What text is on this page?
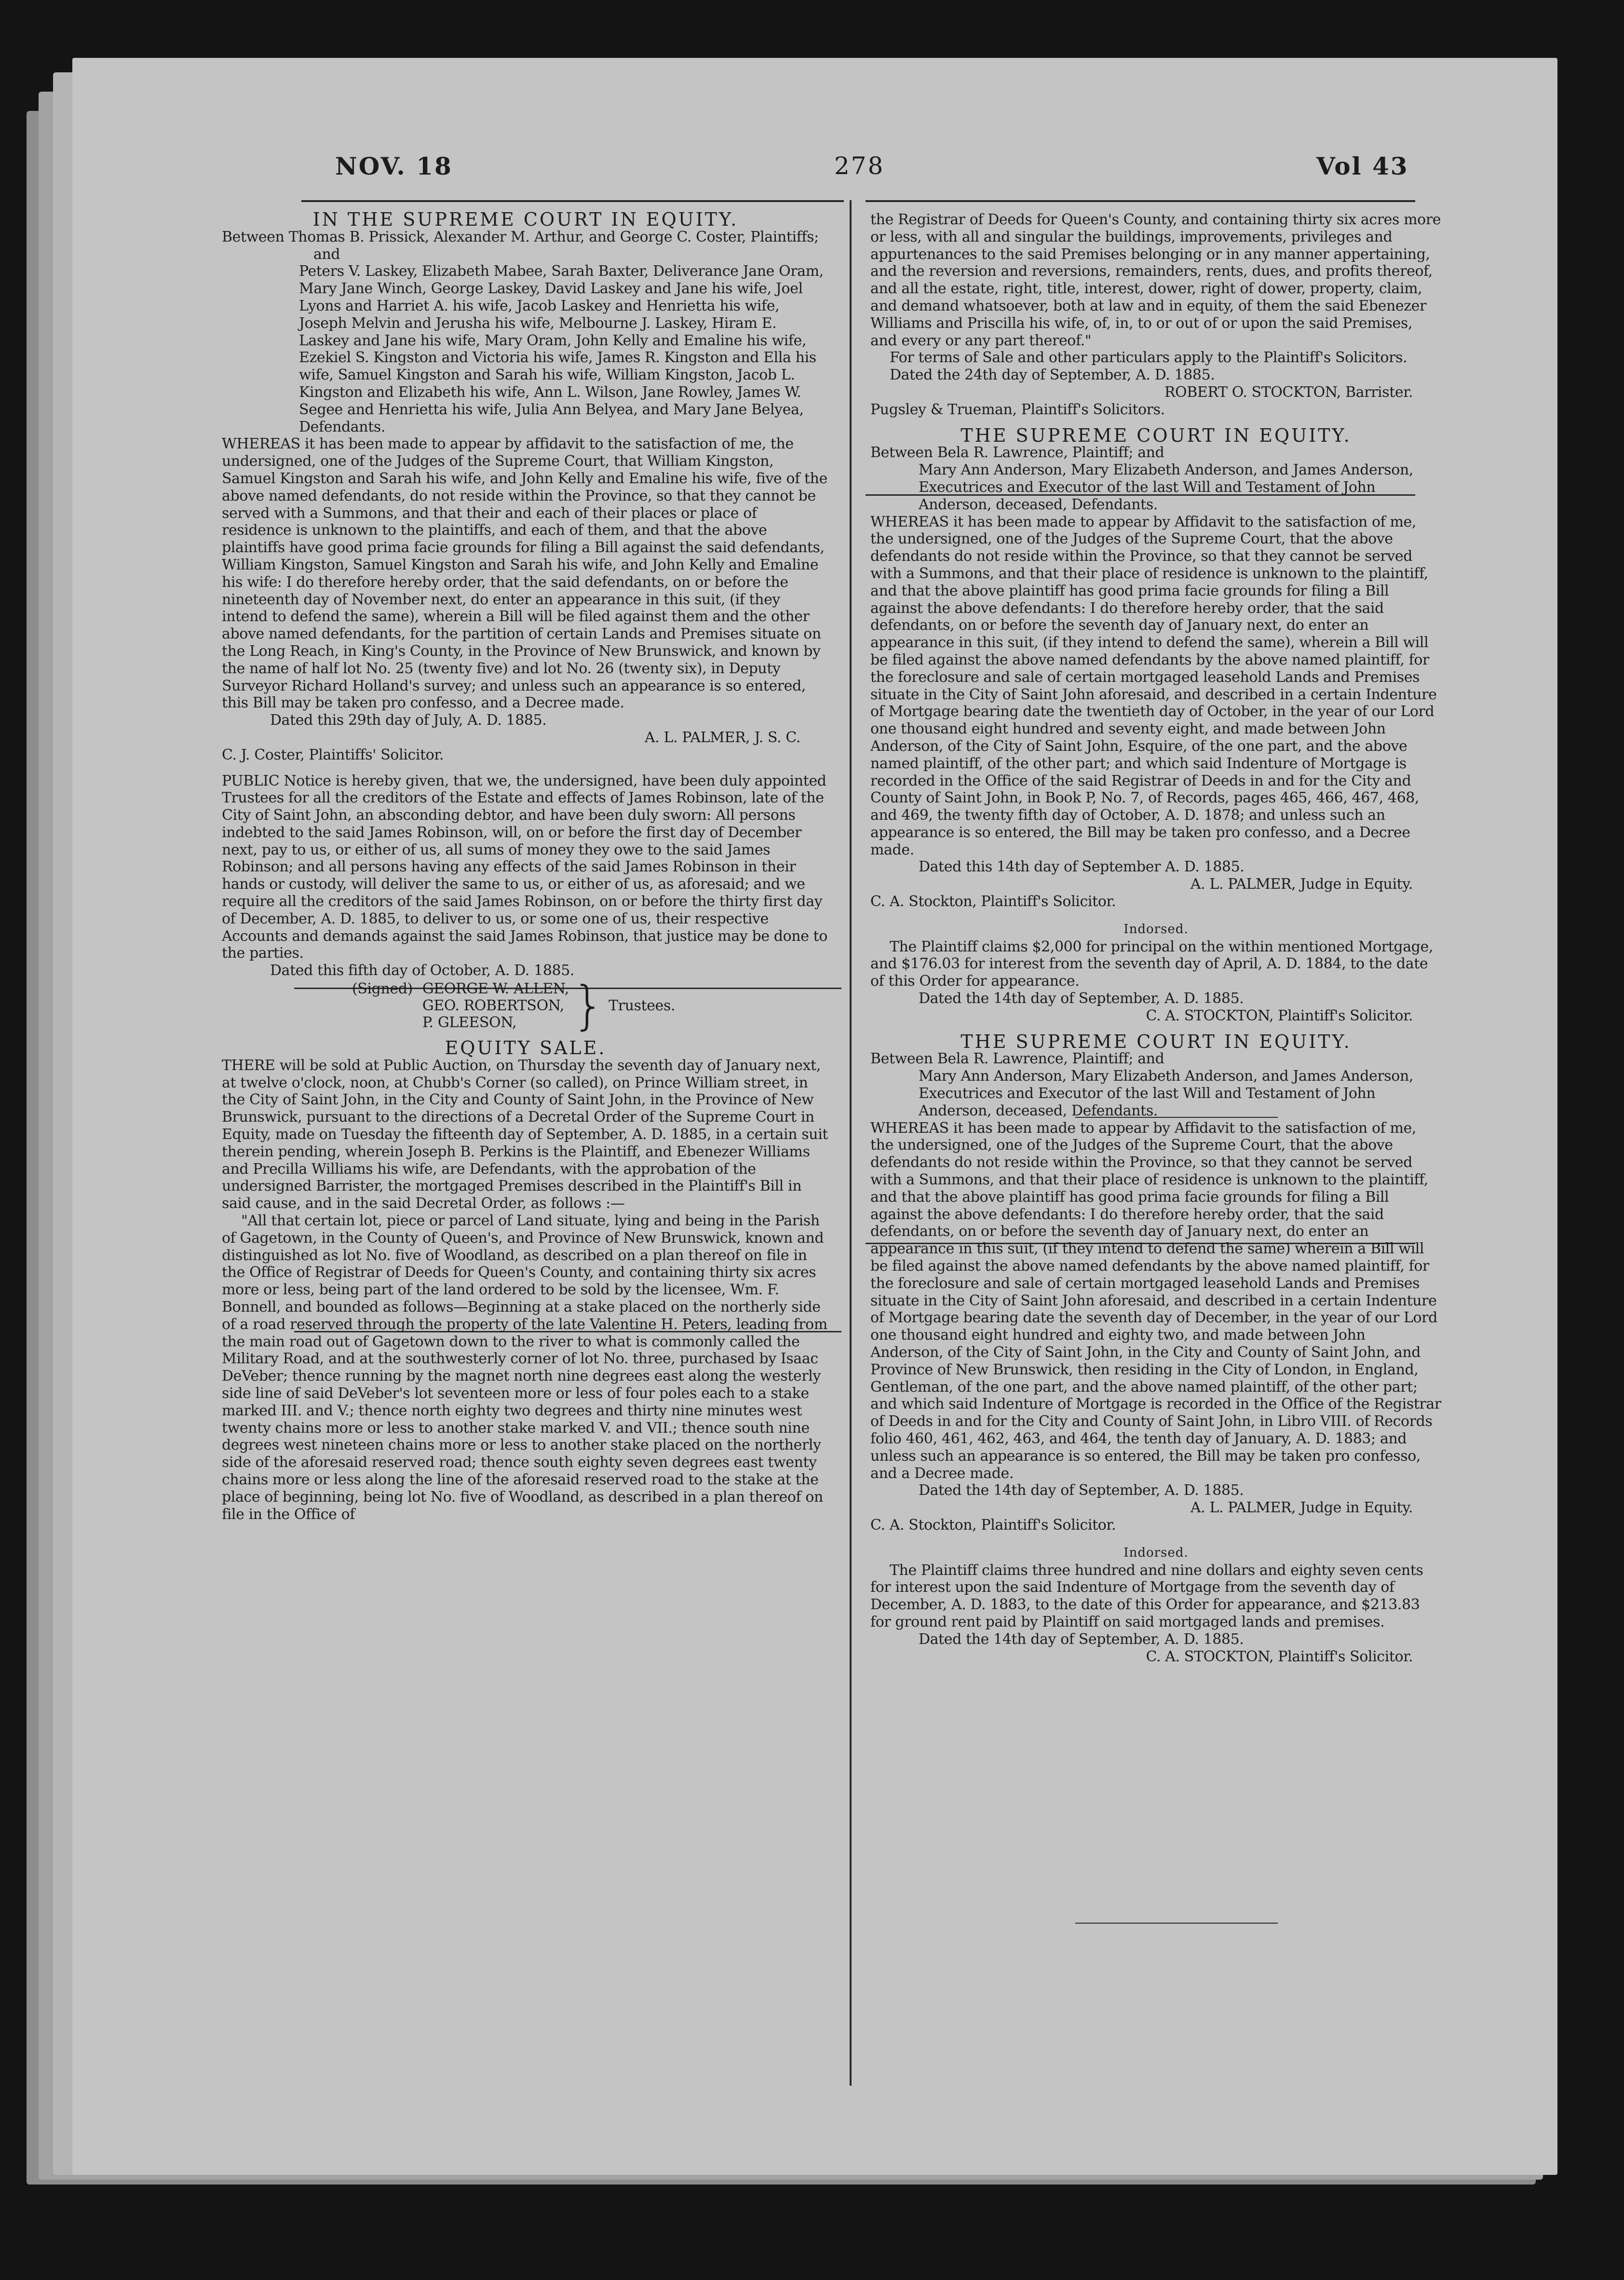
NOV. 18	278	Vol 43

IN THE SUPREME COURT IN EQUITY.

Between Thomas B. Prissick, Alexander M. Arthur, and George C. Coster, Plaintiffs; and

Peters V. Laskey, Elizabeth Mabee, Sarah Baxter, Deliverance Jane Oram, Mary Jane Winch, George Laskey, David Laskey and Jane his wife, Joel Lyons and Harriet A. his wife, Jacob Laskey and Henrietta his wife, Joseph Melvin and Jerusha his wife, Melbourne J. Laskey, Hiram E. Laskey and Jane his wife, Mary Oram, John Kelly and Emaline his wife, Ezekiel S. Kingston and Victoria his wife, James R. Kingston and Ella his wife, Samuel Kingston and Sarah his wife, William Kingston, Jacob L. Kingston and Elizabeth his wife, Ann L. Wilson, Jane Rowley, James W. Segee and Henrietta his wife, Julia Ann Belyea, and Mary Jane Belyea, Defendants.

WHEREAS it has been made to appear by affidavit to the satisfaction of me, the undersigned, one of the Judges of the Supreme Court, that William Kingston, Samuel Kingston and Sarah his wife, and John Kelly and Emaline his wife, five of the above named defendants, do not reside within the Province, so that they cannot be served with a Summons, and that their and each of their places or place of residence is unknown to the plaintiffs, and each of them, and that the above plaintiffs have good prima facie grounds for filing a Bill against the said defendants, William Kingston, Samuel Kingston and Sarah his wife, and John Kelly and Emaline his wife: I do therefore hereby order, that the said defendants, on or before the nineteenth day of November next, do enter an appearance in this suit, (if they intend to defend the same), wherein a Bill will be filed against them and the other above named defendants, for the partition of certain Lands and Premises situate on the Long Reach, in King's County, in the Province of New Brunswick, and known by the name of half lot No. 25 (twenty five) and lot No. 26 (twenty six), in Deputy Surveyor Richard Holland's survey; and unless such an appearance is so entered, this Bill may be taken pro confesso, and a Decree made.

Dated this 29th day of July, A. D. 1885.

A. L. PALMER, J. S. C.

C. J. Coster, Plaintiffs' Solicitor.

PUBLIC Notice is hereby given, that we, the undersigned, have been duly appointed Trustees for all the creditors of the Estate and effects of James Robinson, late of the City of Saint John, an absconding debtor, and have been duly sworn: All persons indebted to the said James Robinson, will, on or before the first day of December next, pay to us, or either of us, all sums of money they owe to the said James Robinson; and all persons having any effects of the said James Robinson in their hands or custody, will deliver the same to us, or either of us, as aforesaid; and we require all the creditors of the said James Robinson, on or before the thirty first day of December, A. D. 1885, to deliver to us, or some one of us, their respective Accounts and demands against the said James Robinson, that justice may be done to the parties.

Dated this fifth day of October, A. D. 1885.

(Signed) GEORGE W. ALLEN,
GEO. ROBERTSON,
P. GLEESON,	} Trustees.

EQUITY SALE.

THERE will be sold at Public Auction, on Thursday the seventh day of January next, at twelve o'clock, noon, at Chubb's Corner (so called), on Prince William street, in the City of Saint John, in the City and County of Saint John, in the Province of New Brunswick, pursuant to the directions of a Decretal Order of the Supreme Court in Equity, made on Tuesday the fifteenth day of September, A. D. 1885, in a certain suit therein pending, wherein Joseph B. Perkins is the Plaintiff, and Ebenezer Williams and Precilla Williams his wife, are Defendants, with the approbation of the undersigned Barrister, the mortgaged Premises described in the Plaintiff's Bill in said cause, and in the said Decretal Order, as follows :—

"All that certain lot, piece or parcel of Land situate, lying and being in the Parish of Gagetown, in the County of Queen's, and Province of New Brunswick, known and distinguished as lot No. five of Woodland, as described on a plan thereof on file in the Office of Registrar of Deeds for Queen's County, and containing thirty six acres more or less, being part of the land ordered to be sold by the licensee, Wm. F. Bonnell, and bounded as follows—Beginning at a stake placed on the northerly side of a road reserved through the property of the late Valentine H. Peters, leading from the main road out of Gagetown down to the river to what is commonly called the Military Road, and at the southwesterly corner of lot No. three, purchased by Isaac DeVeber; thence running by the magnet north nine degrees east along the westerly side line of said DeVeber's lot seventeen more or less of four poles each to a stake marked III. and V.; thence north eighty two degrees and thirty nine minutes west twenty chains more or less to another stake marked V. and VII.; thence south nine degrees west nineteen chains more or less to another stake placed on the northerly side of the aforesaid reserved road; thence south eighty seven degrees east twenty chains more or less along the line of the aforesaid reserved road to the stake at the place of beginning, being lot No. five of Woodland, as described in a plan thereof on file in the Office of

the Registrar of Deeds for Queen's County, and containing thirty six acres more or less, with all and singular the buildings, improvements, privileges and appurtenances to the said Premises belonging or in any manner appertaining, and the reversion and reversions, remainders, rents, dues, and profits thereof, and all the estate, right, title, interest, dower, right of dower, property, claim, and demand whatsoever, both at law and in equity, of them the said Ebenezer Williams and Priscilla his wife, of, in, to or out of or upon the said Premises, and every or any part thereof."

For terms of Sale and other particulars apply to the Plaintiff's Solicitors.

Dated the 24th day of September, A. D. 1885.

ROBERT O. STOCKTON, Barrister.

Pugsley & Trueman, Plaintiff's Solicitors.

THE SUPREME COURT IN EQUITY.

Between Bela R. Lawrence, Plaintiff; and

Mary Ann Anderson, Mary Elizabeth Anderson, and James Anderson, Executrices and Executor of the last Will and Testament of John Anderson, deceased, Defendants.

WHEREAS it has been made to appear by Affidavit to the satisfaction of me, the undersigned, one of the Judges of the Supreme Court, that the above defendants do not reside within the Province, so that they cannot be served with a Summons, and that their place of residence is unknown to the plaintiff, and that the above plaintiff has good prima facie grounds for filing a Bill against the above defendants: I do therefore hereby order, that the said defendants, on or before the seventh day of January next, do enter an appearance in this suit, (if they intend to defend the same), wherein a Bill will be filed against the above named defendants by the above named plaintiff, for the foreclosure and sale of certain mortgaged leasehold Lands and Premises situate in the City of Saint John aforesaid, and described in a certain Indenture of Mortgage bearing date the twentieth day of October, in the year of our Lord one thousand eight hundred and seventy eight, and made between John Anderson, of the City of Saint John, Esquire, of the one part, and the above named plaintiff, of the other part; and which said Indenture of Mortgage is recorded in the Office of the said Registrar of Deeds in and for the City and County of Saint John, in Book P, No. 7, of Records, pages 465, 466, 467, 468, and 469, the twenty fifth day of October, A. D. 1878; and unless such an appearance is so entered, the Bill may be taken pro confesso, and a Decree made.

Dated this 14th day of September A. D. 1885.

A. L. PALMER, Judge in Equity.

C. A. Stockton, Plaintiff's Solicitor.

Indorsed.

The Plaintiff claims $2,000 for principal on the within mentioned Mortgage, and $176.03 for interest from the seventh day of April, A. D. 1884, to the date of this Order for appearance.

Dated the 14th day of September, A. D. 1885.

C. A. STOCKTON, Plaintiff's Solicitor.

THE SUPREME COURT IN EQUITY.

Between Bela R. Lawrence, Plaintiff; and

Mary Ann Anderson, Mary Elizabeth Anderson, and James Anderson, Executrices and Executor of the last Will and Testament of John Anderson, deceased, Defendants.

WHEREAS it has been made to appear by Affidavit to the satisfaction of me, the undersigned, one of the Judges of the Supreme Court, that the above defendants do not reside within the Province, so that they cannot be served with a Summons, and that their place of residence is unknown to the plaintiff, and that the above plaintiff has good prima facie grounds for filing a Bill against the above defendants: I do therefore hereby order, that the said defendants, on or before the seventh day of January next, do enter an appearance in this suit, (if they intend to defend the same) wherein a Bill will be filed against the above named defendants by the above named plaintiff, for the foreclosure and sale of certain mortgaged leasehold Lands and Premises situate in the City of Saint John aforesaid, and described in a certain Indenture of Mortgage bearing date the seventh day of December, in the year of our Lord one thousand eight hundred and eighty two, and made between John Anderson, of the City of Saint John, in the City and County of Saint John, and Province of New Brunswick, then residing in the City of London, in England, Gentleman, of the one part, and the above named plaintiff, of the other part; and which said Indenture of Mortgage is recorded in the Office of the Registrar of Deeds in and for the City and County of Saint John, in Libro VIII. of Records folio 460, 461, 462, 463, and 464, the tenth day of January, A. D. 1883; and unless such an appearance is so entered, the Bill may be taken pro confesso, and a Decree made.

Dated the 14th day of September, A. D. 1885.

A. L. PALMER, Judge in Equity.

C. A. Stockton, Plaintiff's Solicitor.

Indorsed.

The Plaintiff claims three hundred and nine dollars and eighty seven cents for interest upon the said Indenture of Mortgage from the seventh day of December, A. D. 1883, to the date of this Order for appearance, and $213.83 for ground rent paid by Plaintiff on said mortgaged lands and premises.

Dated the 14th day of September, A. D. 1885.

C. A. STOCKTON, Plaintiff's Solicitor.
